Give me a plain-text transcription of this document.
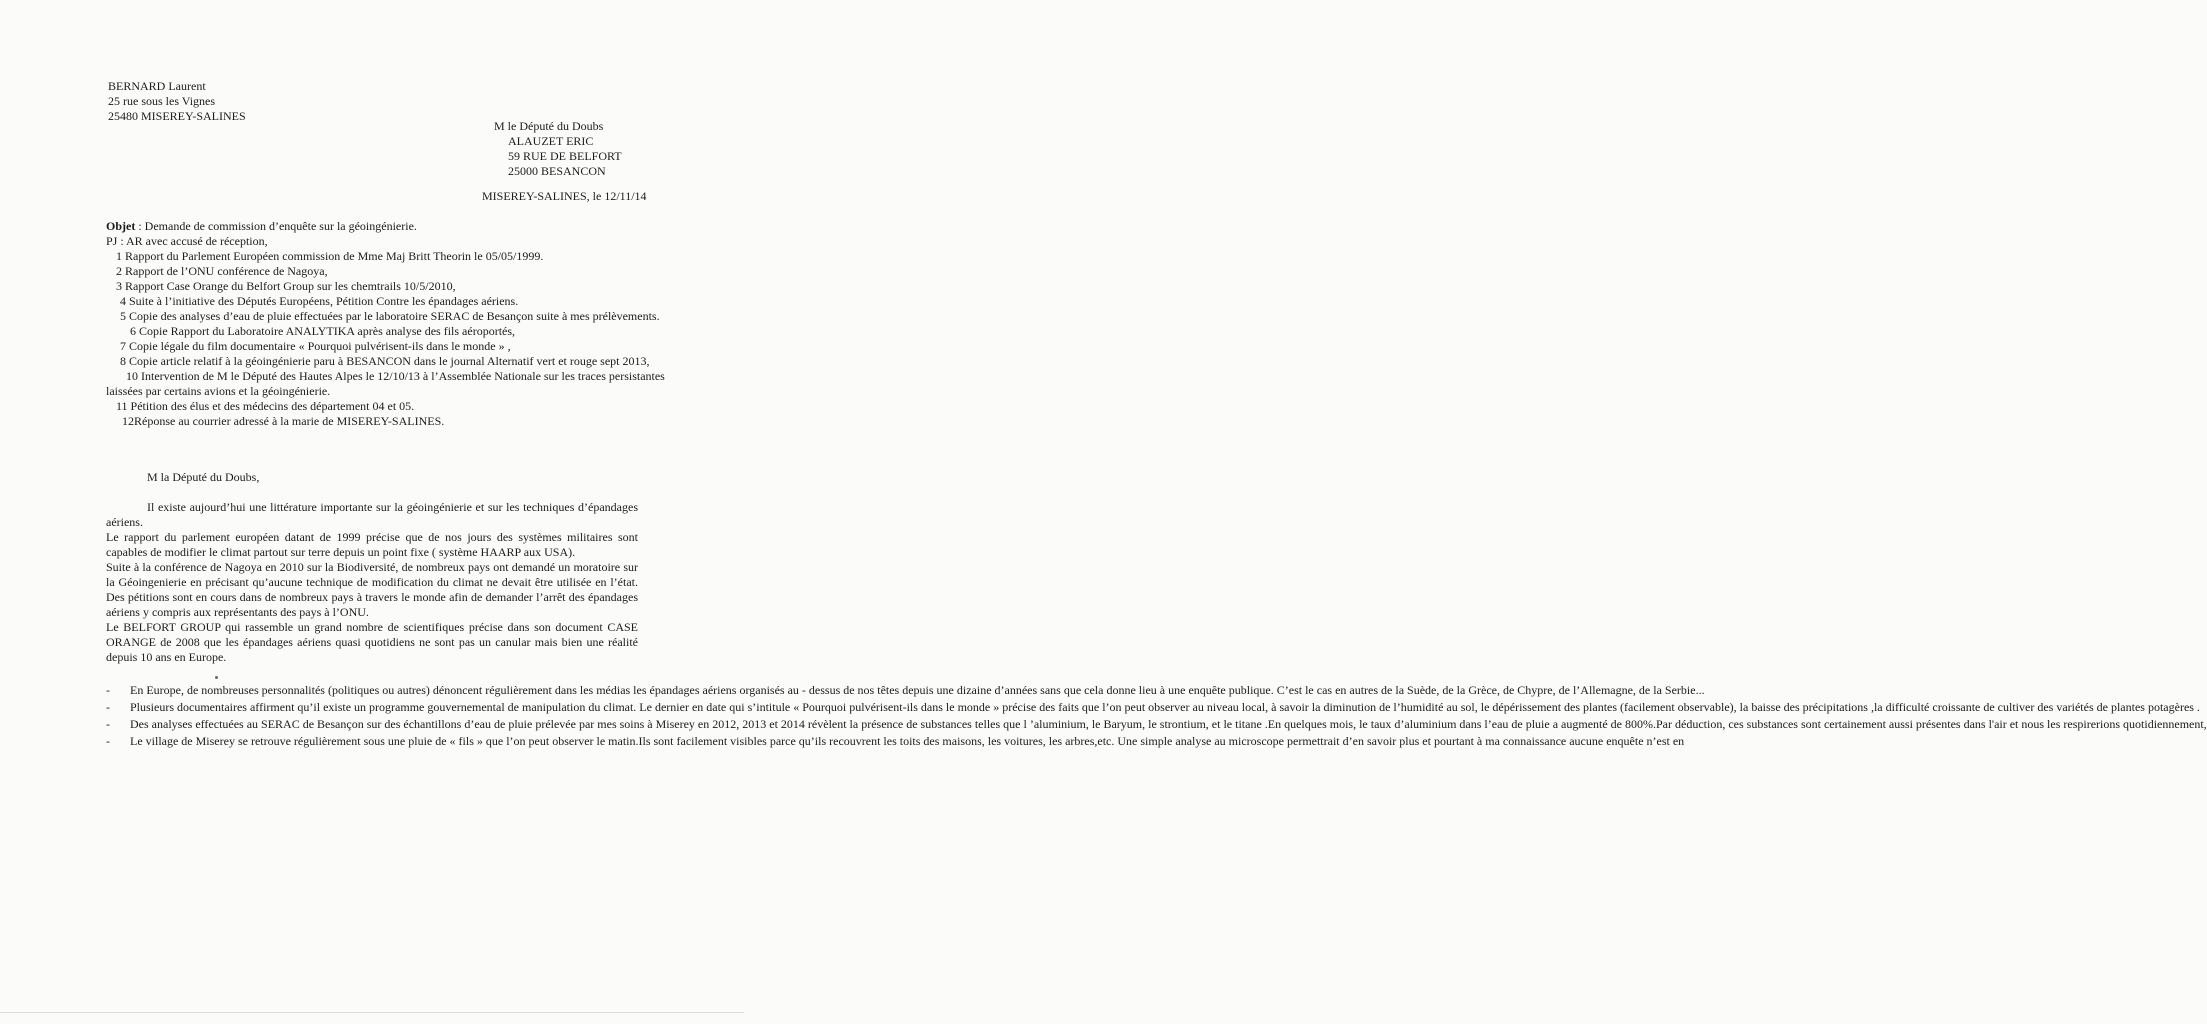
BERNARD Laurent
25 rue sous les Vignes
25480 MISEREY-SALINES
M le Député du Doubs
ALAUZET ERIC
59 RUE DE BELFORT
25000 BESANCON
MISEREY-SALINES, le 12/11/14
Objet : Demande de commission d’enquête sur la géoingénierie.
PJ : AR avec accusé de réception,
1 Rapport du Parlement Européen commission de Mme Maj Britt Theorin le 05/05/1999.
2 Rapport de l’ONU conférence de Nagoya,
3 Rapport Case Orange du Belfort Group sur les chemtrails 10/5/2010,
4 Suite à l’initiative des Députés Européens, Pétition Contre les épandages aériens.
5 Copie des analyses d’eau de pluie effectuées par le laboratoire SERAC de Besançon suite à mes prélèvements.
6 Copie Rapport du Laboratoire ANALYTIKA après analyse des fils aéroportés,
7 Copie légale du film documentaire « Pourquoi pulvérisent-ils dans le monde » ,
8 Copie article relatif à la géoingénierie paru à BESANCON dans le journal Alternatif vert et rouge sept 2013,
10 Intervention de M le Député des Hautes Alpes le 12/10/13 à l’Assemblée Nationale sur les traces persistantes laissées par certains avions et la géoingénierie.
11 Pétition des élus et des médecins des département 04 et 05.
12Réponse au courrier adressé à la marie de MISEREY-SALINES.
M la Député du Doubs,

Il existe aujourd’hui une littérature importante sur la géoingénierie et sur les techniques d’épandages aériens.

Le rapport du parlement européen datant de 1999 précise que de nos jours des systèmes militaires sont capables de modifier le climat partout sur terre depuis un point fixe ( système HAARP aux USA).

Suite à la conférence de Nagoya en 2010 sur la Biodiversité, de nombreux pays ont demandé un moratoire sur la Géoingenierie en précisant qu’aucune technique de modification du climat ne devait être utilisée en l’état. Des pétitions sont en cours dans de nombreux pays à travers le monde afin de demander l’arrêt des épandages aériens y compris aux représentants des pays à l’ONU.

Le BELFORT GROUP qui rassemble un grand nombre de scientifiques précise dans son document CASE ORANGE de 2008 que les épandages aériens quasi quotidiens ne sont pas un canular mais bien une réalité depuis 10 ans en Europe.

- En Europe, de nombreuses personnalités (politiques ou autres) dénoncent régulièrement dans les médias les épandages aériens organisés au - dessus de nos têtes depuis une dizaine d’années sans que cela donne lieu à une enquête publique. C’est le cas en autres de la Suède, de la Grèce, de Chypre, de l’Allemagne, de la Serbie...
- Plusieurs documentaires affirment qu’il existe un programme gouvernemental de manipulation du climat. Le dernier en date qui s’intitule « Pourquoi pulvérisent-ils dans le monde » précise des faits que l’on peut observer au niveau local, à savoir la diminution de l’humidité au sol, le dépérissement des plantes (facilement observable), la baisse des précipitations ,la difficulté croissante de cultiver des variétés de plantes potagères .
- Des analyses effectuées au SERAC de Besançon sur des échantillons d’eau de pluie prélevée par mes soins à Miserey en 2012, 2013 et 2014 révèlent la présence de substances telles que l ’aluminium, le Baryum, le strontium, et le titane .En quelques mois, le taux d’aluminium dans l’eau de pluie a augmenté de 800%.Par déduction, ces substances sont certainement aussi présentes dans l'air et nous les respirerions quotidiennement,
- Le village de Miserey se retrouve régulièrement sous une pluie de « fils » que l’on peut observer le matin.Ils sont facilement visibles parce qu’ils recouvrent les toits des maisons, les voitures, les arbres,etc. Une simple analyse au microscope permettrait d’en savoir plus et pourtant à ma connaissance aucune enquête n’est en
